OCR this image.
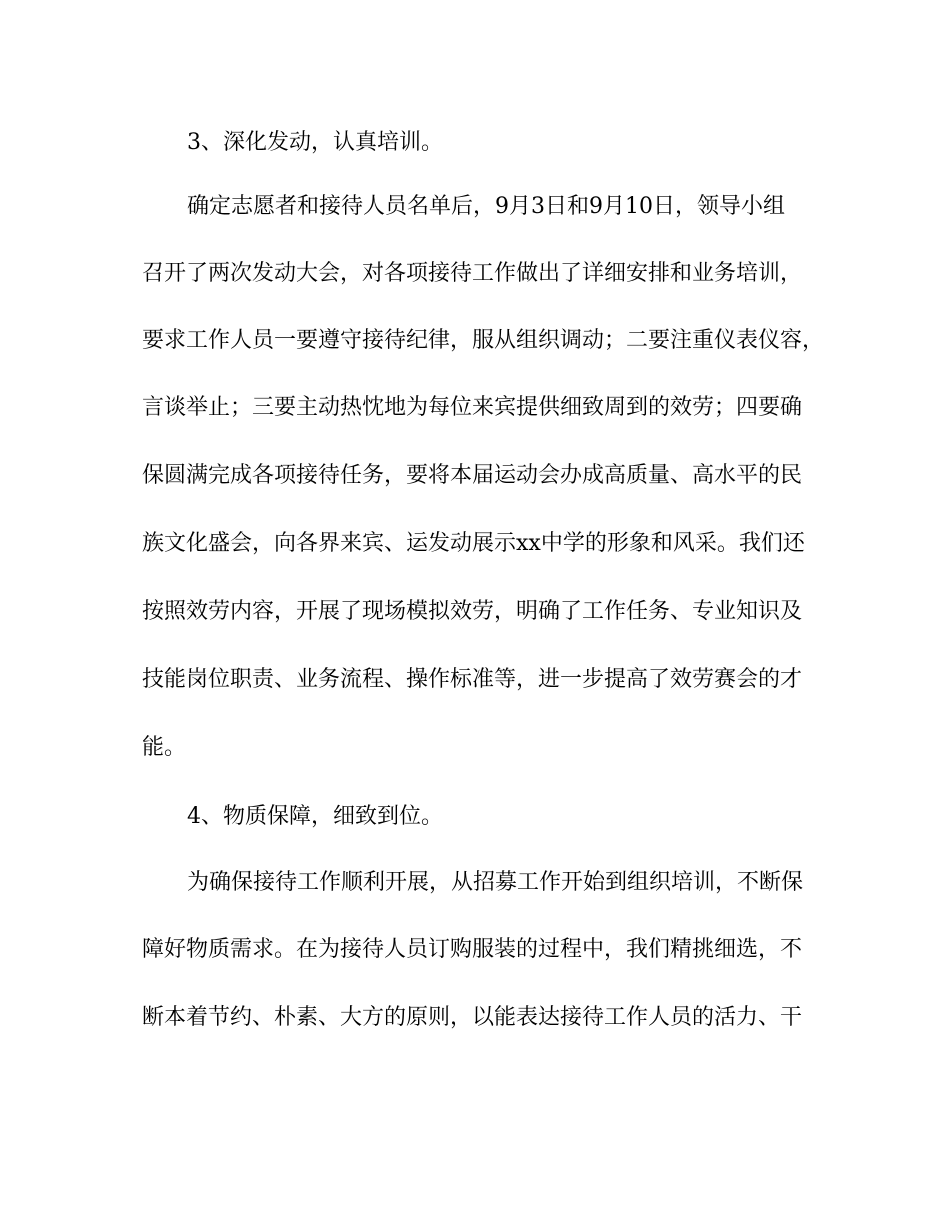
3、深化发动，认真培训。
确定志愿者和接待人员名单后，9月3日和9月10日，领导小组
召开了两次发动大会，对各项接待工作做出了详细安排和业务培训，
要求工作人员一要遵守接待纪律，服从组织调动；二要注重仪表仪容，
言谈举止；三要主动热忱地为每位来宾提供细致周到的效劳；四要确
保圆满完成各项接待任务，要将本届运动会办成高质量、高水平的民
族文化盛会，向各界来宾、运发动展示xx中学的形象和风采。我们还
按照效劳内容，开展了现场模拟效劳，明确了工作任务、专业知识及
技能岗位职责、业务流程、操作标准等，进一步提高了效劳赛会的才
能。
4、物质保障，细致到位。
为确保接待工作顺利开展，从招募工作开始到组织培训，不断保
障好物质需求。在为接待人员订购服装的过程中，我们精挑细选，不
断本着节约、朴素、大方的原则，以能表达接待工作人员的活力、干
